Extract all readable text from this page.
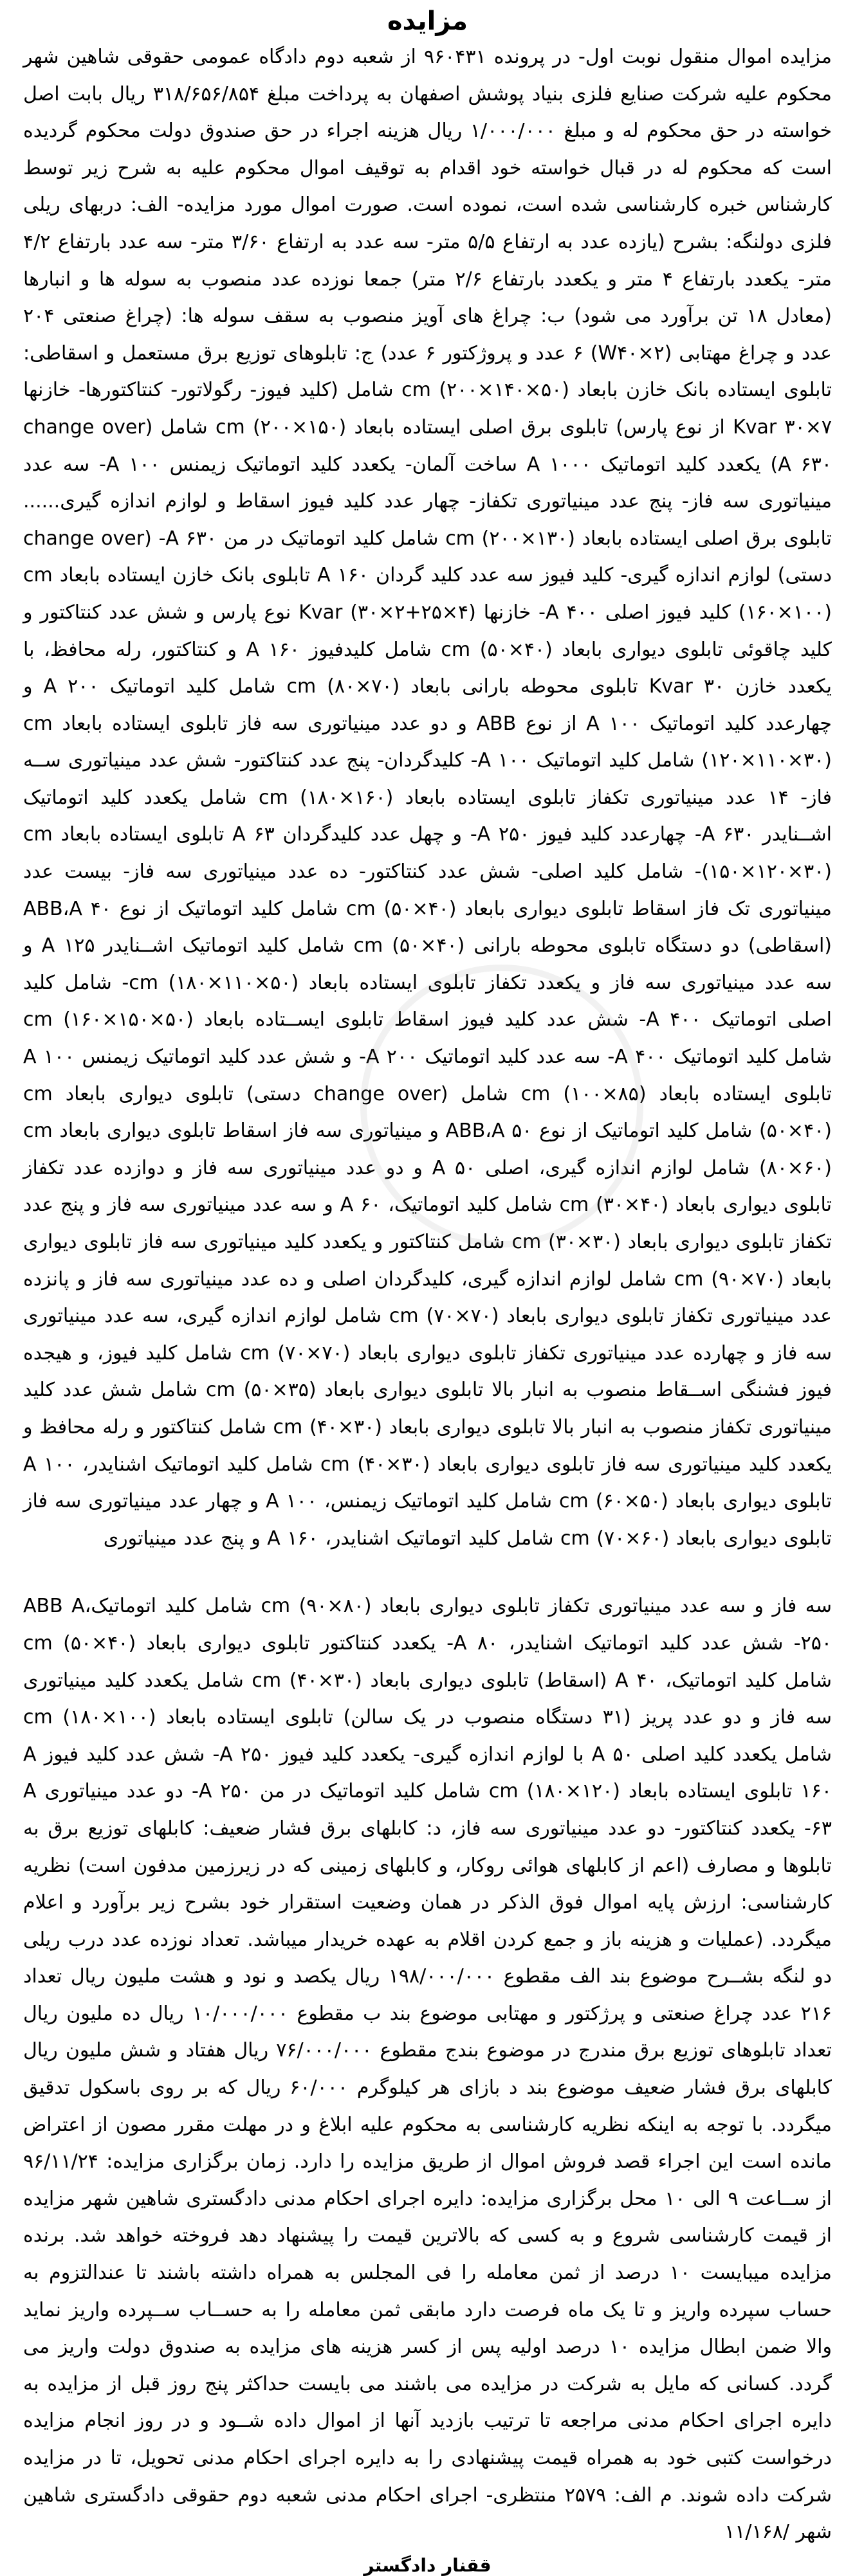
مزایده

مزایده اموال منقول نوبت اول- در پرونده ۹۶۰۴۳۱ از شعبه دوم دادگاه عمومی حقوقی شاهین شهر محکوم علیه شرکت صنایع فلزی بنیاد پوشش اصفهان به پرداخت مبلغ ۳۱۸/۶۵۶/۸۵۴ ریال بابت اصل خواسته در حق محکوم له و مبلغ ۱/۰۰۰/۰۰۰ ریال هزینه اجراء در حق صندوق دولت محکوم گردیده است که محکوم له در قبال خواسته خود اقدام به توقیف اموال محکوم علیه به شرح زیر توسط کارشناس خبره کارشناسی شده است، نموده است. صورت اموال مورد مزایده- الف: دربهای ریلی فلزی دولنگه: بشرح (یازده عدد به ارتفاع ۵/۵ متر- سه عدد به ارتفاع ۳/۶۰ متر- سه عدد بارتفاع ۴/۲ متر- یکعدد بارتفاع ۴ متر و یکعدد بارتفاع ۲/۶ متر) جمعا نوزده عدد منصوب به سوله ها و انبارها (معادل ۱۸ تن برآورد می شود) ب: چراغ های آویز منصوب به سقف سوله ها: (چراغ صنعتی ۲۰۴ عدد و چراغ مهتابی (W۴۰×۲) ۶ عدد و پروژکتور ۶ عدد) ج: تابلوهای توزیع برق مستعمل و اسقاطی: تابلوی ایستاده بانک خازن بابعاد cm (۲۰۰×۱۴۰×۵۰) شامل (کلید فیوز- رگولاتور- کنتاکتورها- خازنها Kvar ۳۰×۷ از نوع پارس) تابلوی برق اصلی ایستاده بابعاد cm (۲۰۰×۱۵۰) شامل (change over A ۶۳۰) یکعدد کلید اتوماتیک A ۱۰۰۰ ساخت آلمان- یکعدد کلید اتوماتیک زیمنس A ۱۰۰- سه عدد مینیاتوری سه فاز- پنج عدد مینیاتوری تکفاز- چهار عدد کلید فیوز اسقاط و لوازم اندازه گیری...... تابلوی برق اصلی ایستاده بابعاد cm (۲۰۰×۱۳۰) شامل کلید اتوماتیک در من A ۶۳۰- (change over دستی) لوازم اندازه گیری- کلید فیوز سه عدد کلید گردان A ۱۶۰ تابلوی بانک خازن ایستاده بابعاد cm (۱۶۰×۱۰۰) کلید فیوز اصلی A ۴۰۰- خازنها Kvar (۳۰×۲+۲۵×۴) نوع پارس و شش عدد کنتاکتور و کلید چاقوئی تابلوی دیواری بابعاد cm (۵۰×۴۰) شامل کلیدفیوز A ۱۶۰ و کنتاکتور، رله محافظ، با یکعدد خازن Kvar ۳۰ تابلوی محوطه بارانی بابعاد cm (۸۰×۷۰) شامل کلید اتوماتیک A ۲۰۰ و چهارعدد کلید اتوماتیک A ۱۰۰ از نوع ABB و دو عدد مینیاتوری سه فاز تابلوی ایستاده بابعاد cm (۱۲۰×۱۱۰×۳۰) شامل کلید اتوماتیک A ۱۰۰- کلیدگردان- پنج عدد کنتاکتور- شش عدد مینیاتوری ســه فاز- ۱۴ عدد مینیاتوری تکفاز تابلوی ایستاده بابعاد cm (۱۸۰×۱۶۰) شامل یکعدد کلید اتوماتیک اشــنایدر A ۶۳۰- چهارعدد کلید فیوز A ۲۵۰- و چهل عدد کلیدگردان A ۶۳ تابلوی ایستاده بابعاد cm (۱۵۰×۱۲۰×۳۰)- شامل کلید اصلی- شش عدد کنتاکتور- ده عدد مینیاتوری سه فاز- بیست عدد مینیاتوری تک فاز اسقاط تابلوی دیواری بابعاد cm (۵۰×۴۰) شامل کلید اتوماتیک از نوع ABB،A ۴۰ (اسقاطی) دو دستگاه تابلوی محوطه بارانی cm (۵۰×۴۰) شامل کلید اتوماتیک اشــنایدر A ۱۲۵ و سه عدد مینیاتوری سه فاز و یکعدد تکفاز تابلوی ایستاده بابعاد cm (۱۸۰×۱۱۰×۵۰)- شامل کلید اصلی اتوماتیک A ۴۰۰- شش عدد کلید فیوز اسقاط تابلوی ایســتاده بابعاد cm (۱۶۰×۱۵۰×۵۰) شامل کلید اتوماتیک A ۴۰۰- سه عدد کلید اتوماتیک A ۲۰۰- و شش عدد کلید اتوماتیک زیمنس A ۱۰۰ تابلوی ایستاده بابعاد cm (۱۰۰×۸۵) شامل (change over دستی) تابلوی دیواری بابعاد cm (۵۰×۴۰) شامل کلید اتوماتیک از نوع ABB،A ۵۰ و مینیاتوری سه فاز اسقاط تابلوی دیواری بابعاد cm (۸۰×۶۰) شامل لوازم اندازه گیری، اصلی A ۵۰ و دو عدد مینیاتوری سه فاز و دوازده عدد تکفاز تابلوی دیواری بابعاد cm (۳۰×۴۰) شامل کلید اتوماتیک، A ۶۰ و سه عدد مینیاتوری سه فاز و پنج عدد تکفاز تابلوی دیواری بابعاد cm (۳۰×۳۰) شامل کنتاکتور و یکعدد کلید مینیاتوری سه فاز تابلوی دیواری بابعاد cm (۹۰×۷۰) شامل لوازم اندازه گیری، کلیدگردان اصلی و ده عدد مینیاتوری سه فاز و پانزده عدد مینیاتوری تکفاز تابلوی دیواری بابعاد cm (۷۰×۷۰) شامل لوازم اندازه گیری، سه عدد مینیاتوری سه فاز و چهارده عدد مینیاتوری تکفاز تابلوی دیواری بابعاد cm (۷۰×۷۰) شامل کلید فیوز، و هیجده فیوز فشنگی اســقاط منصوب به انبار بالا تابلوی دیواری بابعاد cm (۵۰×۳۵) شامل شش عدد کلید مینیاتوری تکفاز منصوب به انبار بالا تابلوی دیواری بابعاد cm (۴۰×۳۰) شامل کنتاکتور و رله محافظ و یکعدد کلید مینیاتوری سه فاز تابلوی دیواری بابعاد cm (۴۰×۳۰) شامل کلید اتوماتیک اشنایدر، A ۱۰۰ تابلوی دیواری بابعاد cm (۶۰×۵۰) شامل کلید اتوماتیک زیمنس، A ۱۰۰ و چهار عدد مینیاتوری سه فاز تابلوی دیواری بابعاد cm (۷۰×۶۰) شامل کلید اتوماتیک اشنایدر، A ۱۶۰ و پنج عدد مینیاتوری

سه فاز و سه عدد مینیاتوری تکفاز تابلوی دیواری بابعاد cm (۹۰×۸۰) شامل کلید اتوماتیک،ABB A ۲۵۰- شش عدد کلید اتوماتیک اشنایدر، A ۸۰- یکعدد کنتاکتور تابلوی دیواری بابعاد cm (۵۰×۴۰) شامل کلید اتوماتیک، A ۴۰ (اسقاط) تابلوی دیواری بابعاد cm (۴۰×۳۰) شامل یکعدد کلید مینیاتوری سه فاز و دو عدد پریز (۳۱ دستگاه منصوب در یک سالن) تابلوی ایستاده بابعاد cm (۱۸۰×۱۰۰) شامل یکعدد کلید اصلی A ۵۰ با لوازم اندازه گیری- یکعدد کلید فیوز A ۲۵۰- شش عدد کلید فیوز A ۱۶۰ تابلوی ایستاده بابعاد cm (۱۸۰×۱۲۰) شامل کلید اتوماتیک در من A ۲۵۰- دو عدد مینیاتوری A ۶۳- یکعدد کنتاکتور- دو عدد مینیاتوری سه فاز، د: کابلهای برق فشار ضعیف: کابلهای توزیع برق به تابلوها و مصارف (اعم از کابلهای هوائی روکار، و کابلهای زمینی که در زیرزمین مدفون است) نظریه کارشناسی: ارزش پایه اموال فوق الذکر در همان وضعیت استقرار خود بشرح زیر برآورد و اعلام میگردد. (عملیات و هزینه باز و جمع کردن اقلام به عهده خریدار میباشد. تعداد نوزده عدد درب ریلی دو لنگه بشــرح موضوع بند الف مقطوع ۱۹۸/۰۰۰/۰۰۰ ریال یکصد و نود و هشت ملیون ریال تعداد ۲۱۶ عدد چراغ صنعتی و پرژکتور و مهتابی موضوع بند ب مقطوع ۱۰/۰۰۰/۰۰۰ ریال ده ملیون ریال تعداد تابلوهای توزیع برق مندرج در موضوع بندج مقطوع ۷۶/۰۰۰/۰۰۰ ریال هفتاد و شش ملیون ریال کابلهای برق فشار ضعیف موضوع بند د بازای هر کیلوگرم ۶۰/۰۰۰ ریال که بر روی باسکول تدقیق میگردد. با توجه به اینکه نظریه کارشناسی به محکوم علیه ابلاغ و در مهلت مقرر مصون از اعتراض مانده است این اجراء قصد فروش اموال از طریق مزایده را دارد. زمان برگزاری مزایده: ۹۶/۱۱/۲۴ از ســاعت ۹ الی ۱۰ محل برگزاری مزایده: دایره اجرای احکام مدنی دادگستری شاهین شهر مزایده از قیمت کارشناسی شروع و به کسی که بالاترین قیمت را پیشنهاد دهد فروخته خواهد شد. برنده مزایده میبایست ۱۰ درصد از ثمن معامله را فی المجلس به همراه داشته باشند تا عندالتزوم به حساب سپرده واریز و تا یک ماه فرصت دارد مابقی ثمن معامله را به حســاب ســپرده واریز نماید والا ضمن ابطال مزایده ۱۰ درصد اولیه پس از کسر هزینه های مزایده به صندوق دولت واریز می گردد. کسانی که مایل به شرکت در مزایده می باشند می بایست حداکثر پنج روز قبل از مزایده به دایره اجرای احکام مدنی مراجعه تا ترتیب بازدید آنها از اموال داده شــود و در روز انجام مزایده درخواست کتبی خود به همراه قیمت پیشنهادی را به دایره اجرای احکام مدنی تحویل، تا در مزایده شرکت داده شوند. م الف: ۲۵۷۹ منتظری- اجرای احکام مدنی شعبه دوم حقوقی دادگستری شاهین شهر /۱۱/۱۶۸

ققنار دادگستر
